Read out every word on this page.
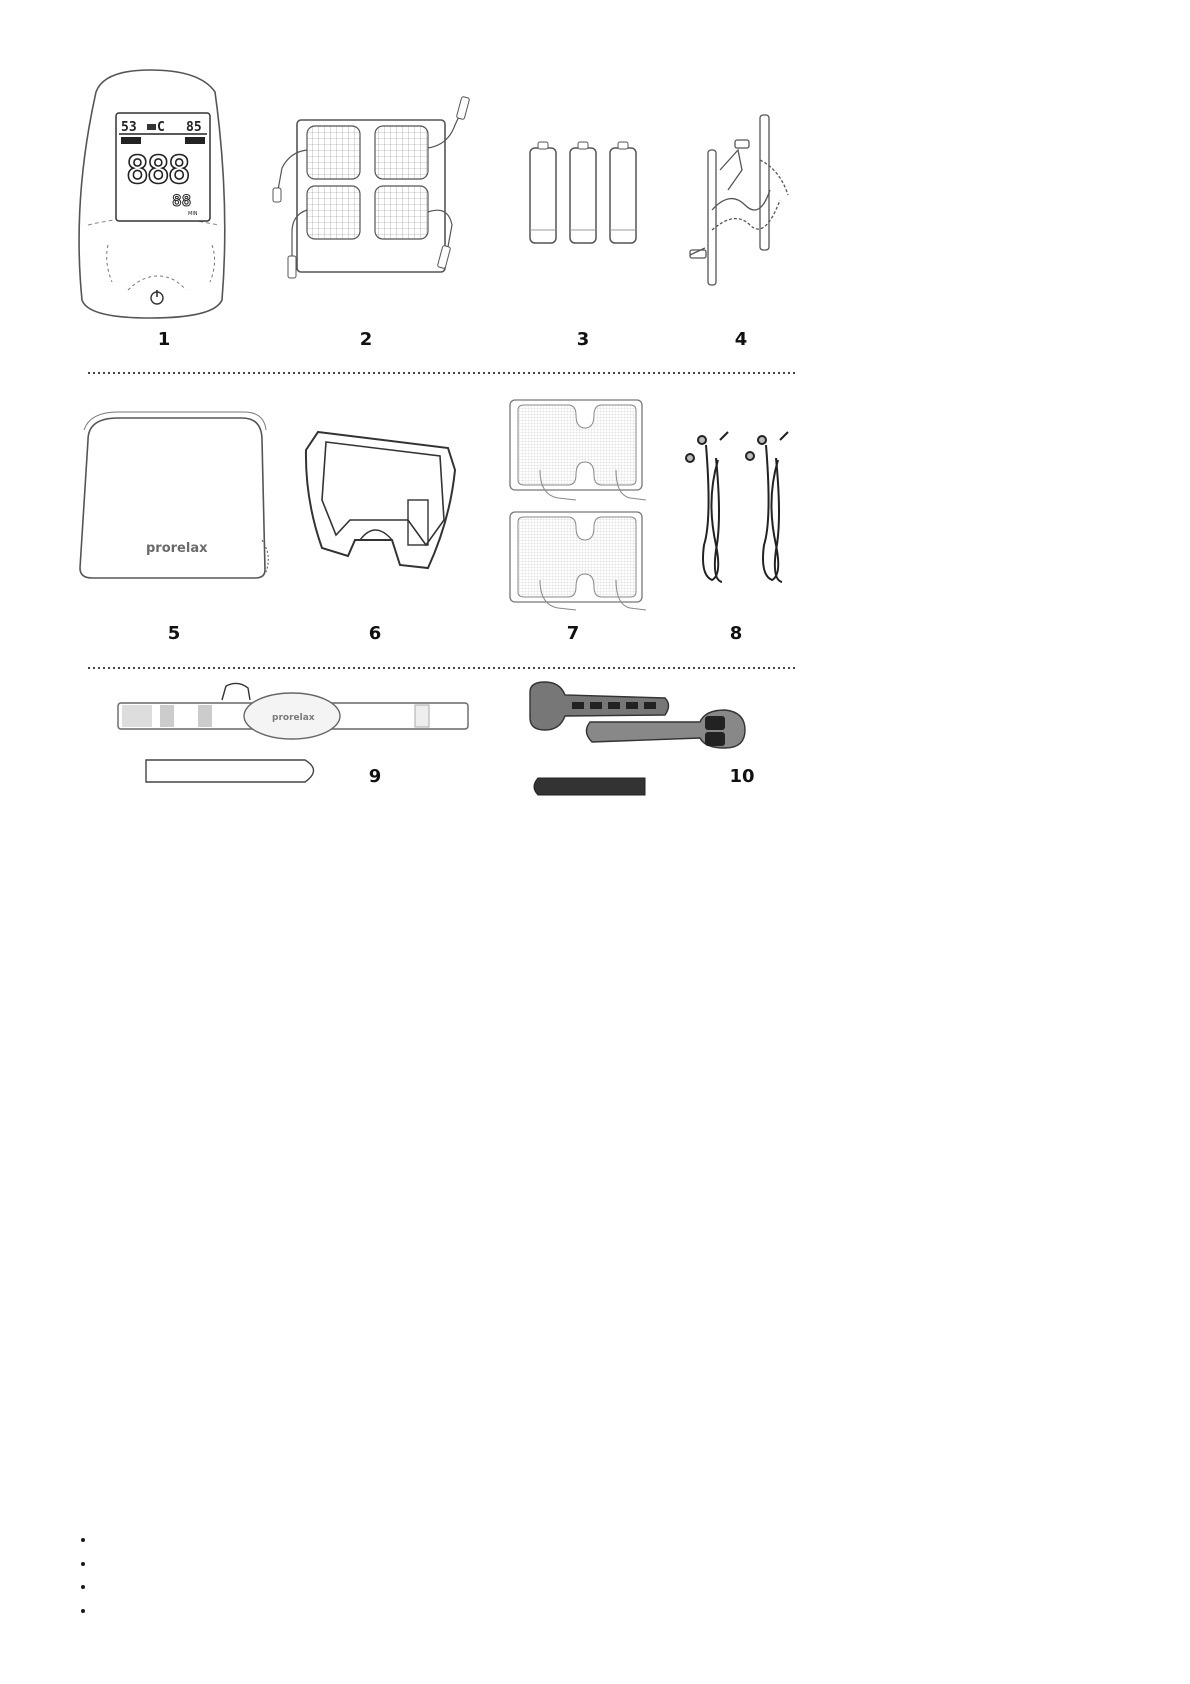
53 C 85
888
88
MIN
prorelax
prorelax
1	2	3	4
5	6	7	8
9	10
